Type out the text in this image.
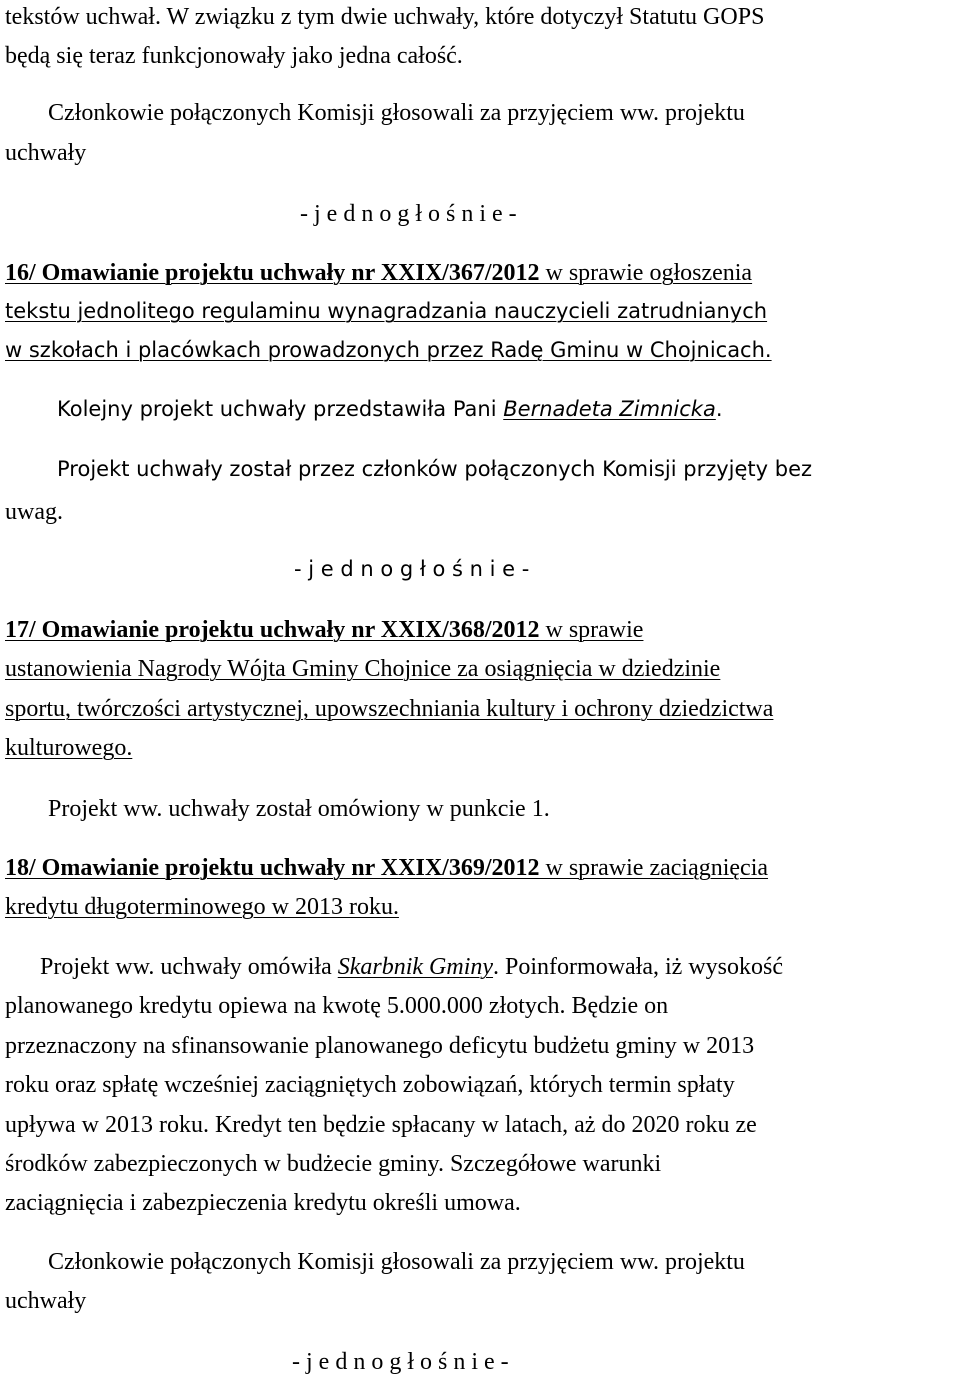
tekstów uchwał. W związku z tym dwie uchwały, które dotyczył Statutu GOPS

będą się teraz funkcjonowały jako jedna całość.

Członkowie połączonych Komisji głosowali za przyjęciem ww. projektu

uchwały

- j e d n o g ł o ś n i e -

16/ Omawianie projektu uchwały nr XXIX/367/2012 w sprawie ogłoszenia

tekstu jednolitego regulaminu wynagradzania nauczycieli zatrudnianych

w szkołach i placówkach prowadzonych przez Radę Gminu w Chojnicach.

Kolejny projekt uchwały przedstawiła Pani Bernadeta Zimnicka.

Projekt uchwały został przez członków połączonych Komisji przyjęty bez

uwag.

- j e d n o g ł o ś n i e -

17/ Omawianie projektu uchwały nr XXIX/368/2012 w sprawie

ustanowienia Nagrody Wójta Gminy Chojnice za osiągnięcia w dziedzinie

sportu, twórczości artystycznej, upowszechniania kultury i ochrony dziedzictwa

kulturowego.

Projekt ww. uchwały został omówiony w punkcie 1.

18/ Omawianie projektu uchwały nr XXIX/369/2012 w sprawie zaciągnięcia

kredytu długoterminowego w 2013 roku.

Projekt ww. uchwały omówiła Skarbnik Gminy. Poinformowała, iż wysokość

planowanego kredytu opiewa na kwotę 5.000.000 złotych. Będzie on

przeznaczony na sfinansowanie planowanego deficytu budżetu gminy w 2013

roku oraz spłatę wcześniej zaciągniętych zobowiązań, których termin spłaty

upływa w 2013 roku. Kredyt ten będzie spłacany w latach, aż do 2020 roku ze

środków zabezpieczonych w budżecie gminy. Szczegółowe warunki

zaciągnięcia i zabezpieczenia kredytu określi umowa.

Członkowie połączonych Komisji głosowali za przyjęciem ww. projektu

uchwały

- j e d n o g ł o ś n i e -
